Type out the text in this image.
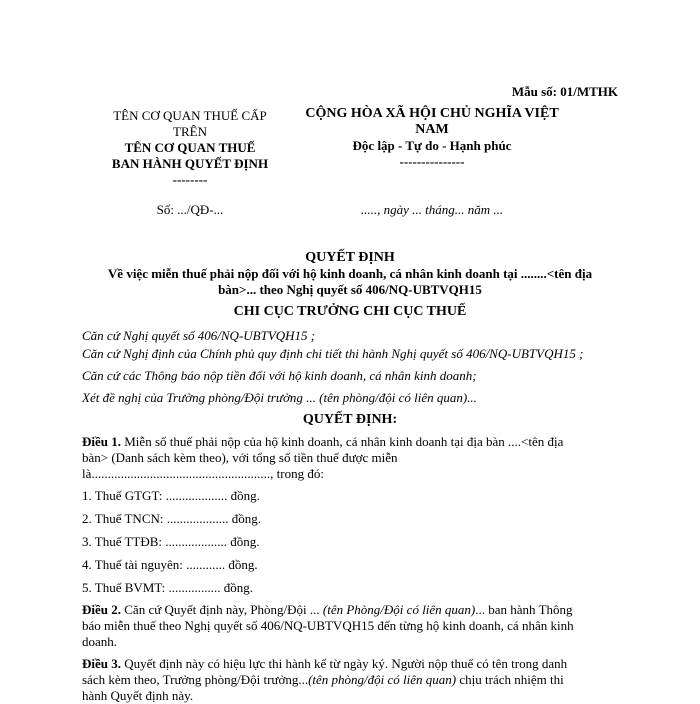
Mẫu số: 01/MTHK
TÊN CƠ QUAN THUẾ CẤP
TRÊN
TÊN CƠ QUAN THUẾ
BAN HÀNH QUYẾT ĐỊNH
--------
Số: .../QĐ-...
CỘNG HÒA XÃ HỘI CHỦ NGHĨA VIỆT NAM
Độc lập - Tự do - Hạnh phúc
---------------
....., ngày ... tháng... năm ...
QUYẾT ĐỊNH
Về việc miễn thuế phải nộp đối với hộ kinh doanh, cá nhân kinh doanh tại ........<tên địa
bàn>... theo Nghị quyết số 406/NQ-UBTVQH15
CHI CỤC TRƯỞNG CHI CỤC THUẾ
Căn cứ Nghị quyết số 406/NQ-UBTVQH15 ;
Căn cứ Nghị định của Chính phủ quy định chi tiết thi hành Nghị quyết số 406/NQ-UBTVQH15 ;
Căn cứ các Thông báo nộp tiền đối với hộ kinh doanh, cá nhân kinh doanh;
Xét đề nghị của Trưởng phòng/Đội trưởng ... (tên phòng/đội có liên quan)...
QUYẾT ĐỊNH:
Điều 1. Miễn số thuế phải nộp của hộ kinh doanh, cá nhân kinh doanh tại địa bàn ....<tên địa
bàn> (Danh sách kèm theo), với tổng số tiền thuế được miễn
là......................................................., trong đó:
1. Thuế GTGT: ................... đồng.
2. Thuế TNCN: ................... đồng.
3. Thuế TTĐB: ................... đồng.
4. Thuế tài nguyên: ............ đồng.
5. Thuế BVMT: ................ đồng.
Điều 2. Căn cứ Quyết định này, Phòng/Đội ... (tên Phòng/Đội có liên quan)... ban hành Thông
báo miễn thuế theo Nghị quyết số 406/NQ-UBTVQH15 đến từng hộ kinh doanh, cá nhân kinh
doanh.
Điều 3. Quyết định này có hiệu lực thi hành kể từ ngày ký. Người nộp thuế có tên trong danh
sách kèm theo, Trưởng phòng/Đội trưởng...(tên phòng/đội có liên quan) chịu trách nhiệm thi
hành Quyết định này.
